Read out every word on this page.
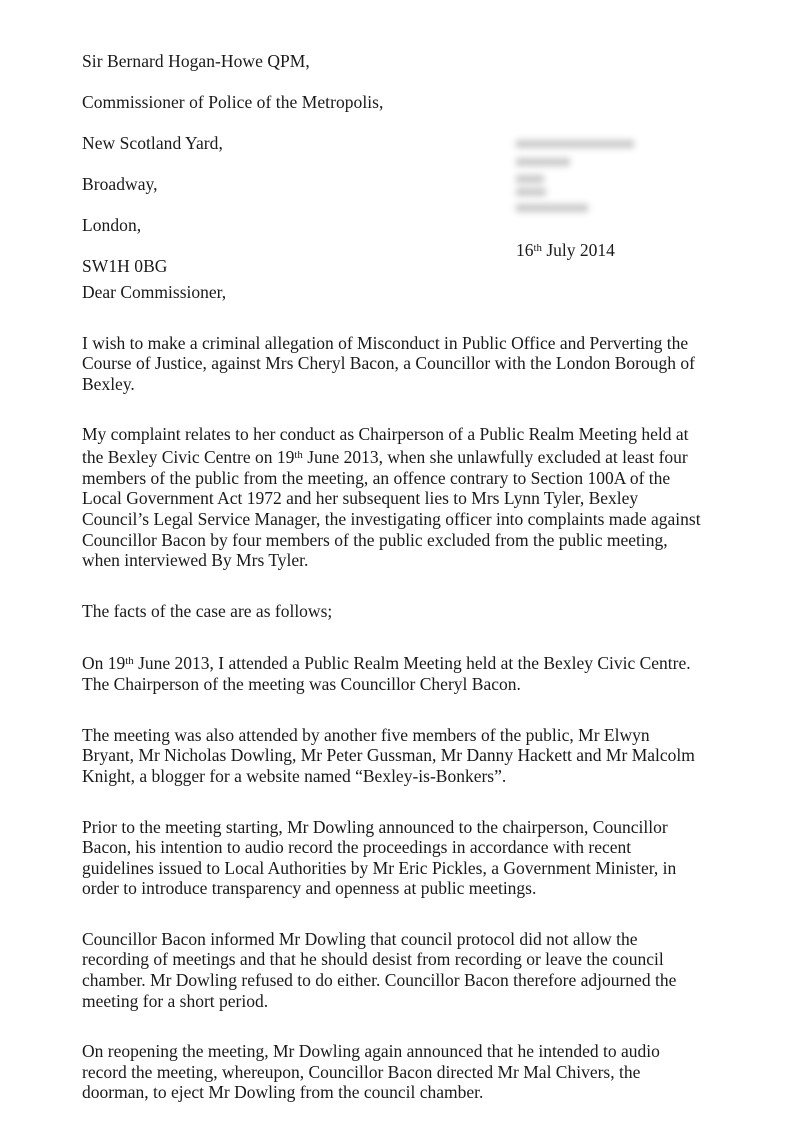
Sir Bernard Hogan-Howe QPM,

Commissioner of Police of the Metropolis,

New Scotland Yard,

Broadway,

London,

SW1H 0BG

16th July 2014

Dear Commissioner,

I wish to make a criminal allegation of Misconduct in Public Office and Perverting the Course of Justice, against Mrs Cheryl Bacon, a Councillor with the London Borough of Bexley.

My complaint relates to her conduct as Chairperson of a Public Realm Meeting held at the Bexley Civic Centre on 19th June 2013, when she unlawfully excluded at least four members of the public from the meeting, an offence contrary to Section 100A of the Local Government Act 1972 and her subsequent lies to Mrs Lynn Tyler, Bexley Council’s Legal Service Manager, the investigating officer into complaints made against Councillor Bacon by four members of the public excluded from the public meeting, when interviewed By Mrs Tyler.

The facts of the case are as follows;

On 19th June 2013, I attended a Public Realm Meeting held at the Bexley Civic Centre. The Chairperson of the meeting was Councillor Cheryl Bacon.

The meeting was also attended by another five members of the public, Mr Elwyn Bryant, Mr Nicholas Dowling, Mr Peter Gussman, Mr Danny Hackett and Mr Malcolm Knight, a blogger for a website named “Bexley-is-Bonkers”.

Prior to the meeting starting, Mr Dowling announced to the chairperson, Councillor Bacon, his intention to audio record the proceedings in accordance with recent guidelines issued to Local Authorities by Mr Eric Pickles, a Government Minister, in order to introduce transparency and openness at public meetings.

Councillor Bacon informed Mr Dowling that council protocol did not allow the recording of meetings and that he should desist from recording or leave the council chamber. Mr Dowling refused to do either. Councillor Bacon therefore adjourned the meeting for a short period.

On reopening the meeting, Mr Dowling again announced that he intended to audio record the meeting, whereupon, Councillor Bacon directed Mr Mal Chivers, the doorman, to eject Mr Dowling from the council chamber.
